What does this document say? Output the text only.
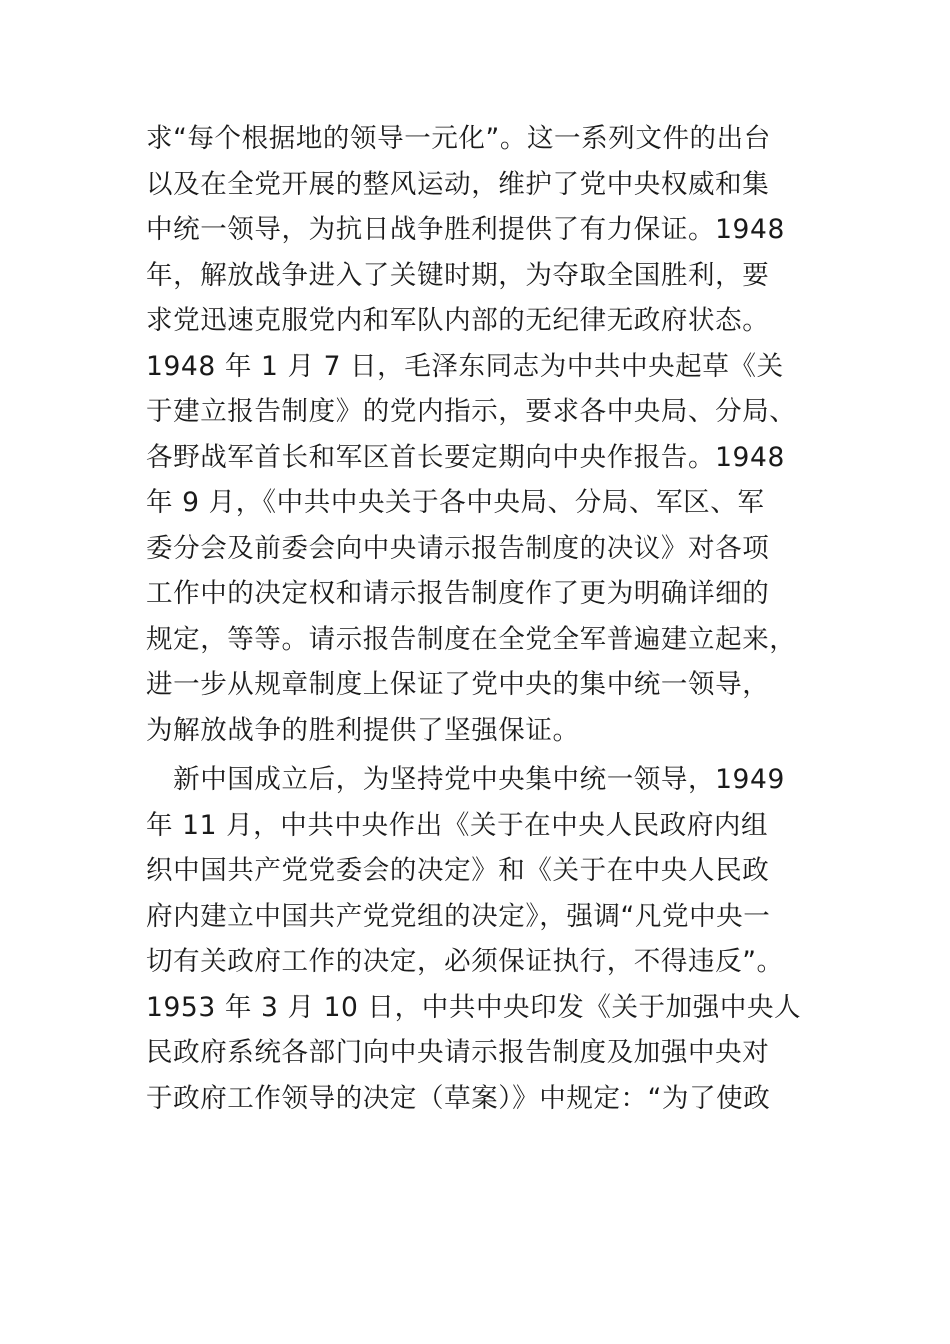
求“每个根据地的领导一元化”。这一系列文件的出台
以及在全党开展的整风运动，维护了党中央权威和集
中统一领导，为抗日战争胜利提供了有力保证。1948
年，解放战争进入了关键时期，为夺取全国胜利，要
求党迅速克服党内和军队内部的无纪律无政府状态。
1948 年 1 月 7 日，毛泽东同志为中共中央起草《关
于建立报告制度》的党内指示，要求各中央局、分局、
各野战军首长和军区首长要定期向中央作报告。1948
年 9 月，《中共中央关于各中央局、分局、军区、军
委分会及前委会向中央请示报告制度的决议》对各项
工作中的决定权和请示报告制度作了更为明确详细的
规定，等等。请示报告制度在全党全军普遍建立起来，
进一步从规章制度上保证了党中央的集中统一领导，
为解放战争的胜利提供了坚强保证。
　新中国成立后，为坚持党中央集中统一领导，1949
年 11 月，中共中央作出《关于在中央人民政府内组
织中国共产党党委会的决定》和《关于在中央人民政
府内建立中国共产党党组的决定》，强调“凡党中央一
切有关政府工作的决定，必须保证执行，不得违反”。
1953 年 3 月 10 日，中共中央印发《关于加强中央人
民政府系统各部门向中央请示报告制度及加强中央对
于政府工作领导的决定（草案）》中规定：“为了使政
